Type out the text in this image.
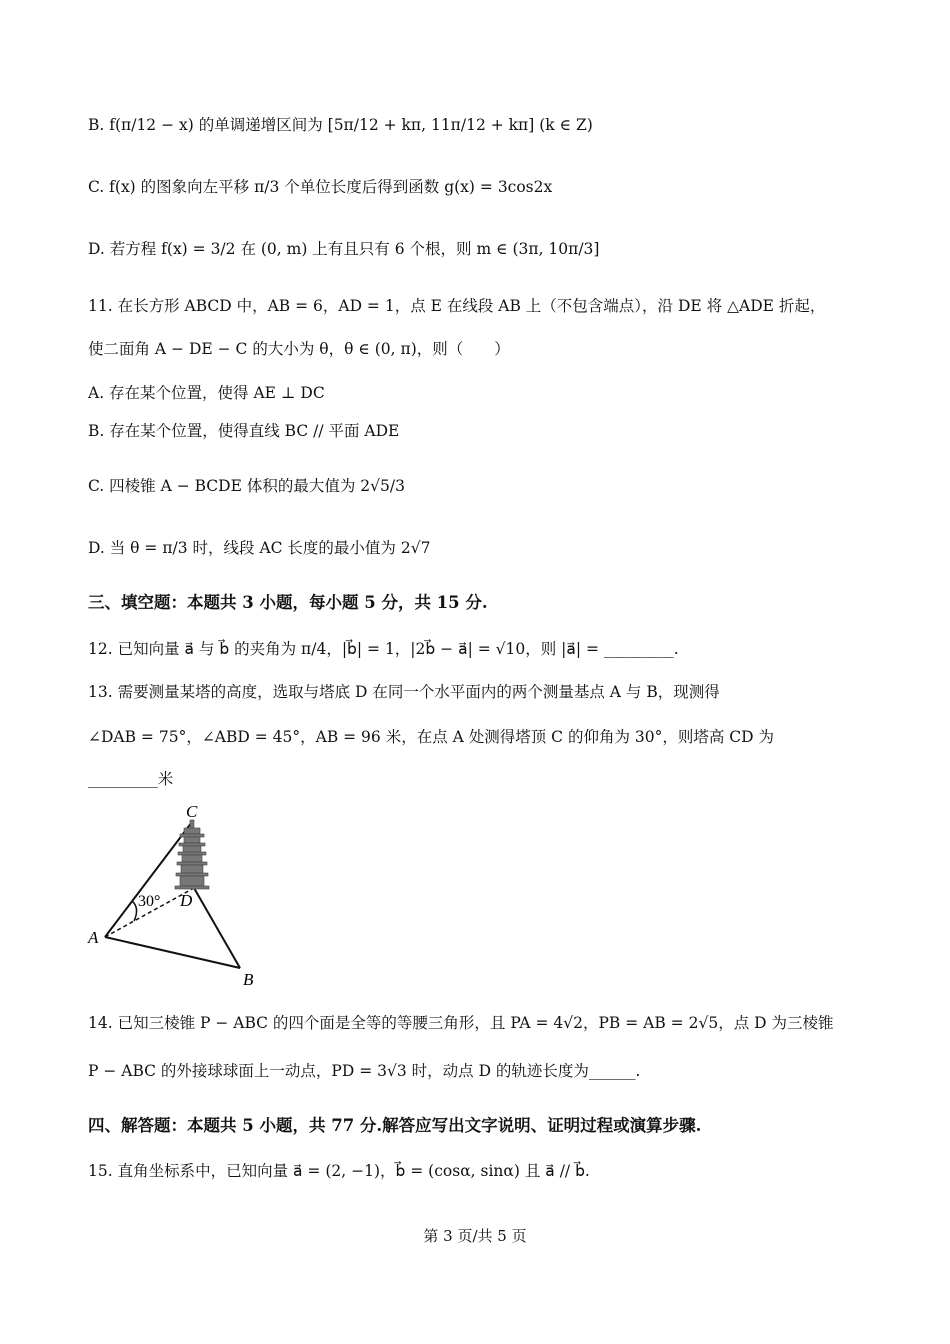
B. f(π/12 − x) 的单调递增区间为 [5π/12 + kπ, 11π/12 + kπ] (k ∈ Z)
C. f(x) 的图象向左平移 π/3 个单位长度后得到函数 g(x) = 3cos2x
D. 若方程 f(x) = 3/2 在 (0, m) 上有且只有 6 个根，则 m ∈ (3π, 10π/3]
11. 在长方形 ABCD 中，AB = 6，AD = 1，点 E 在线段 AB 上（不包含端点），沿 DE 将 △ADE 折起，
使二面角 A − DE − C 的大小为 θ，θ ∈ (0, π)，则（　　）
A. 存在某个位置，使得 AE ⊥ DC
B. 存在某个位置，使得直线 BC // 平面 ADE
C. 四棱锥 A − BCDE 体积的最大值为 2√5/3
D. 当 θ = π/3 时，线段 AC 长度的最小值为 2√7
三、填空题：本题共 3 小题，每小题 5 分，共 15 分.
12. 已知向量 a⃗ 与 b⃗ 的夹角为 π/4，|b⃗| = 1，|2b⃗ − a⃗| = √10，则 |a⃗| = _________.
13. 需要测量某塔的高度，选取与塔底 D 在同一个水平面内的两个测量基点 A 与 B，现测得
∠DAB = 75°，∠ABD = 45°，AB = 96 米，在点 A 处测得塔顶 C 的仰角为 30°，则塔高 CD 为
_________米
C
D
A
B
30°
14. 已知三棱锥 P − ABC 的四个面是全等的等腰三角形，且 PA = 4√2，PB = AB = 2√5，点 D 为三棱锥
P − ABC 的外接球球面上一动点，PD = 3√3 时，动点 D 的轨迹长度为______.
四、解答题：本题共 5 小题，共 77 分.解答应写出文字说明、证明过程或演算步骤.
15. 直角坐标系中，已知向量 a⃗ = (2, −1)，b⃗ = (cosα, sinα) 且 a⃗ // b⃗.
第 3 页/共 5 页
